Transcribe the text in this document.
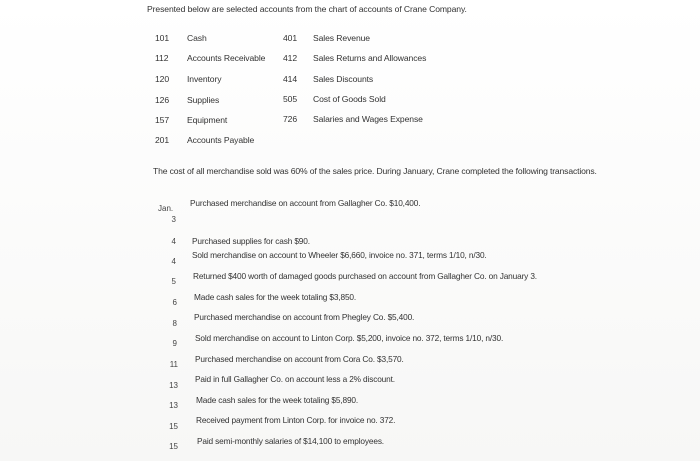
Presented below are selected accounts from the chart of accounts of Crane Company.
101 Cash
112 Accounts Receivable
120 Inventory
126 Supplies
157 Equipment
201 Accounts Payable
401 Sales Revenue
412 Sales Returns and Allowances
414 Sales Discounts
505 Cost of Goods Sold
726 Salaries and Wages Expense
The cost of all merchandise sold was 60% of the sales price. During January, Crane completed the following transactions.
Jan.
3
Purchased merchandise on account from Gallagher Co. $10,400.
4 Purchased supplies for cash $90.
4
Sold merchandise on account to Wheeler $6,660, invoice no. 371, terms 1/10, n/30.
5
Returned $400 worth of damaged goods purchased on account from Gallagher Co. on January 3.
6
Made cash sales for the week totaling $3,850.
8
Purchased merchandise on account from Phegley Co. $5,400.
9
Sold merchandise on account to Linton Corp. $5,200, invoice no. 372, terms 1/10, n/30.
11
Purchased merchandise on account from Cora Co. $3,570.
13
Paid in full Gallagher Co. on account less a 2% discount.
13
Made cash sales for the week totaling $5,890.
15
Received payment from Linton Corp. for invoice no. 372.
15
Paid semi-monthly salaries of $14,100 to employees.
